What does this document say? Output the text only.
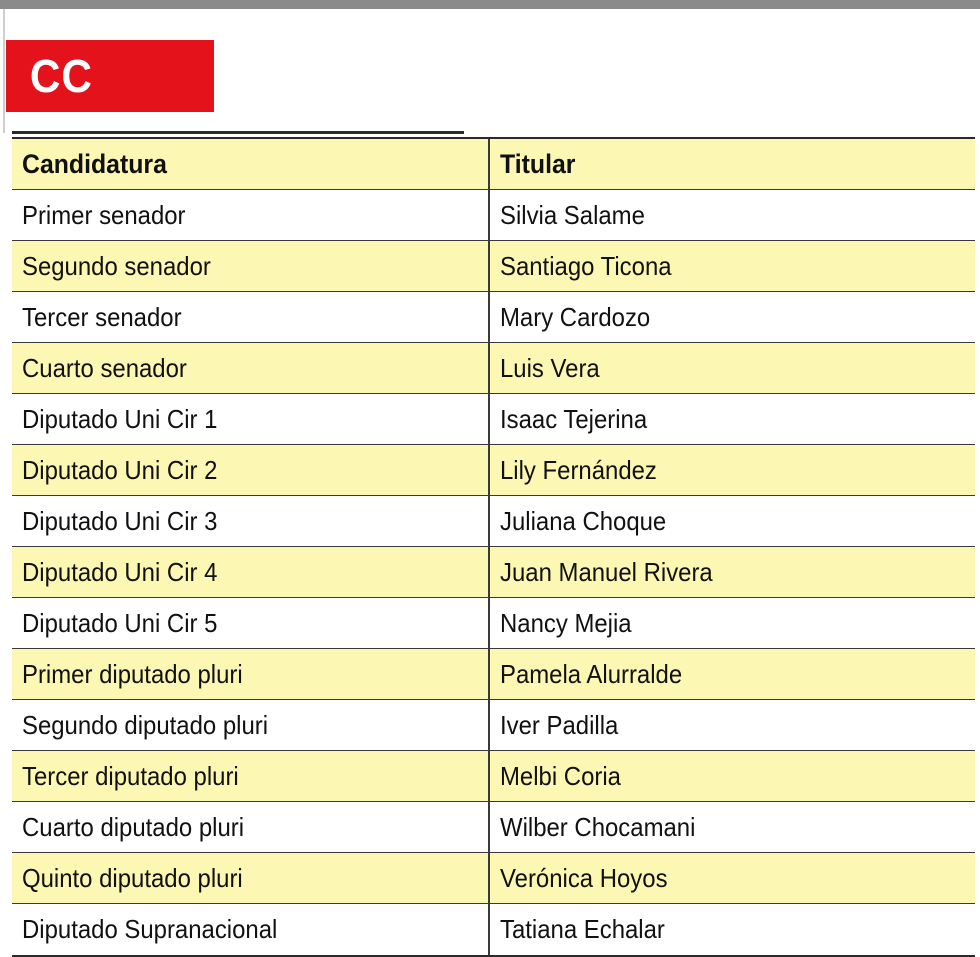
CC
Candidatura	Titular
Primer senador	Silvia Salame
Segundo senador	Santiago Ticona
Tercer senador	Mary Cardozo
Cuarto senador	Luis Vera
Diputado Uni Cir 1	Isaac Tejerina
Diputado Uni Cir 2	Lily Fernández
Diputado Uni Cir 3	Juliana Choque
Diputado Uni Cir 4	Juan Manuel Rivera
Diputado Uni Cir 5	Nancy Mejia
Primer diputado pluri	Pamela Alurralde
Segundo diputado pluri	Iver Padilla
Tercer diputado pluri	Melbi Coria
Cuarto diputado pluri	Wilber Chocamani
Quinto diputado pluri	Verónica Hoyos
Diputado Supranacional	Tatiana Echalar
